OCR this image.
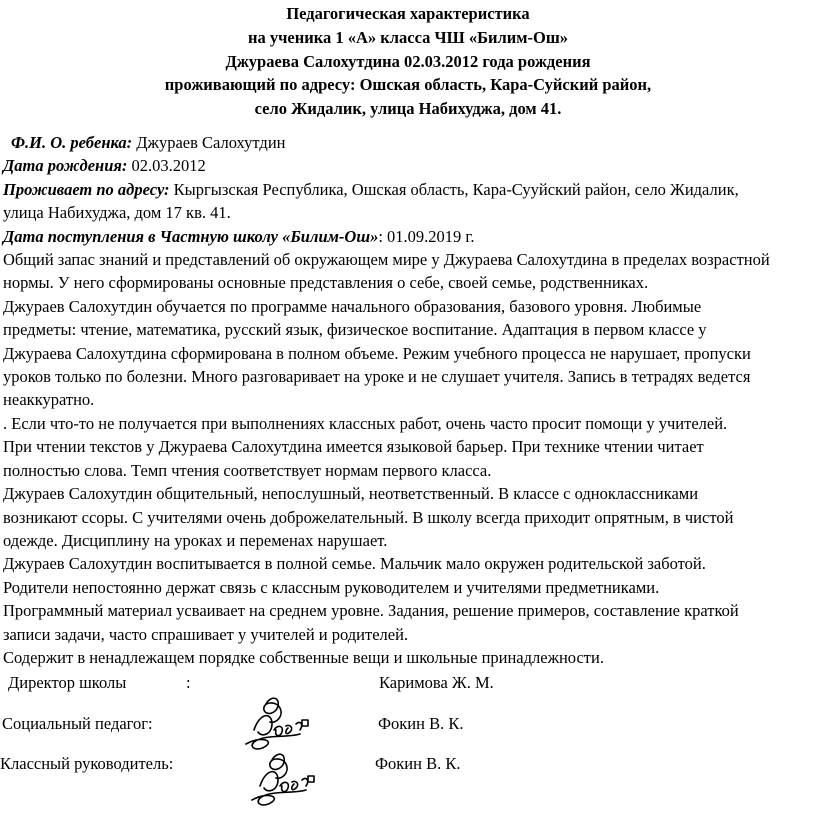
Педагогическая характеристика
на ученика 1 «А» класса ЧШ «Билим-Ош»
Джураева Салохутдина 02.03.2012 года рождения
проживающий по адресу: Ошская область, Кара-Суйский район,
село Жидалик, улица Набихуджа, дом 41.
Ф.И. О. ребенка: Джураев Салохутдин
Дата рождения: 02.03.2012
Проживает по адресу: Кыргызская Республика, Ошская область, Кара-Сууйский район, село Жидалик,
улица Набихуджа, дом 17 кв. 41.
Дата поступления в Частную школу «Билим-Ош»: 01.09.2019 г.
Общий запас знаний и представлений об окружающем мире у Джураева Салохутдина в пределах возрастной
нормы. У него сформированы основные представления о себе, своей семье, родственниках.
Джураев Салохутдин обучается по программе начального образования, базового уровня. Любимые
предметы: чтение, математика, русский язык, физическое воспитание. Адаптация в первом классе у
Джураева Салохутдина сформирована в полном объеме. Режим учебного процесса не нарушает, пропуски
уроков только по болезни. Много разговаривает на уроке и не слушает учителя. Запись в тетрадях ведется
неаккуратно.
. Если что-то не получается при выполнениях классных работ, очень часто просит помощи у учителей.
При чтении текстов у Джураева Салохутдина имеется языковой барьер. При технике чтении читает
полностью слова. Темп чтения соответствует нормам первого класса.
Джураев Салохутдин общительный, непослушный, неответственный. В классе с одноклассниками
возникают ссоры. С учителями очень доброжелательный. В школу всегда приходит опрятным, в чистой
одежде. Дисциплину на уроках и переменах нарушает.
Джураев Салохутдин воспитывается в полной семье. Мальчик мало окружен родительской заботой.
Родители непостоянно держат связь с классным руководителем и учителями предметниками.
Программный материал усваивает на среднем уровне. Задания, решение примеров, составление краткой
записи задачи, часто спрашивает у учителей и родителей.
Содержит в ненадлежащем порядке собственные вещи и школьные принадлежности.
Директор школы	:	Каримова Ж. М.
Социальный педагог:	Фокин В. К.
Классный руководитель:	Фокин В. К.
